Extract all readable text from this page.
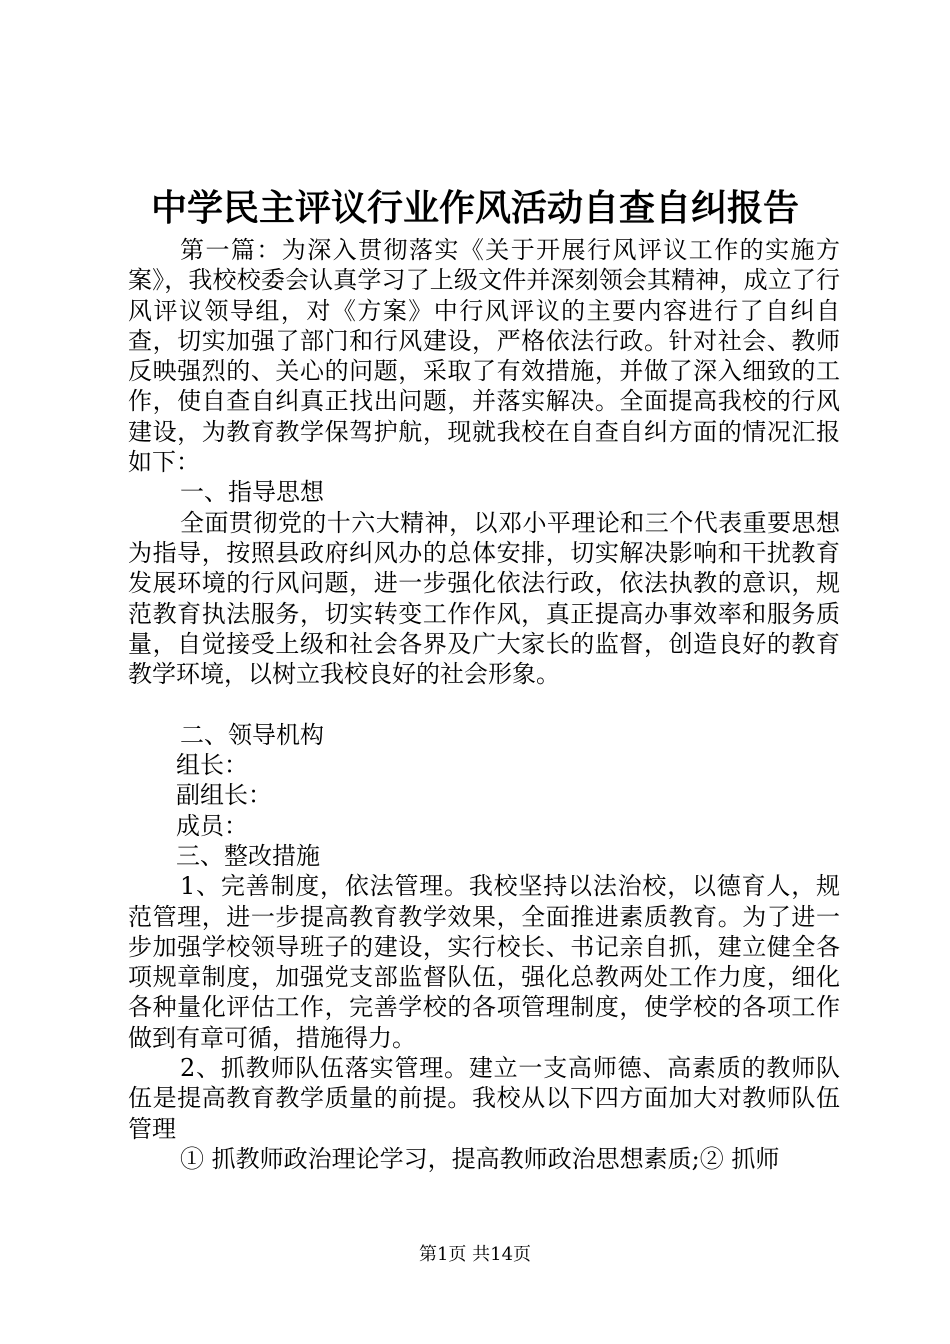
中学民主评议行业作风活动自查自纠报告

第一篇：为深入贯彻落实《关于开展行风评议工作的实施方案》，我校校委会认真学习了上级文件并深刻领会其精神，成立了行风评议领导组，对《方案》中行风评议的主要内容进行了自纠自查，切实加强了部门和行风建设，严格依法行政。针对社会、教师反映强烈的、关心的问题，采取了有效措施，并做了深入细致的工作，使自查自纠真正找出问题，并落实解决。全面提高我校的行风建设，为教育教学保驾护航，现就我校在自查自纠方面的情况汇报如下：

一、指导思想

全面贯彻党的十六大精神，以邓小平理论和三个代表重要思想为指导，按照县政府纠风办的总体安排，切实解决影响和干扰教育发展环境的行风问题，进一步强化依法行政，依法执教的意识，规范教育执法服务，切实转变工作作风，真正提高办事效率和服务质量，自觉接受上级和社会各界及广大家长的监督，创造良好的教育教学环境，以树立我校良好的社会形象。

二、领导机构

组长：

副组长：

成员：

三、整改措施

1、完善制度，依法管理。我校坚持以法治校，以德育人，规范管理，进一步提高教育教学效果，全面推进素质教育。为了进一步加强学校领导班子的建设，实行校长、书记亲自抓，建立健全各项规章制度，加强党支部监督队伍，强化总教两处工作力度，细化各种量化评估工作，完善学校的各项管理制度，使学校的各项工作做到有章可循，措施得力。

2、抓教师队伍落实管理。建立一支高师德、高素质的教师队伍是提高教育教学质量的前提。我校从以下四方面加大对教师队伍管理

① 抓教师政治理论学习，提高教师政治思想素质;② 抓师

第1页 共14页
